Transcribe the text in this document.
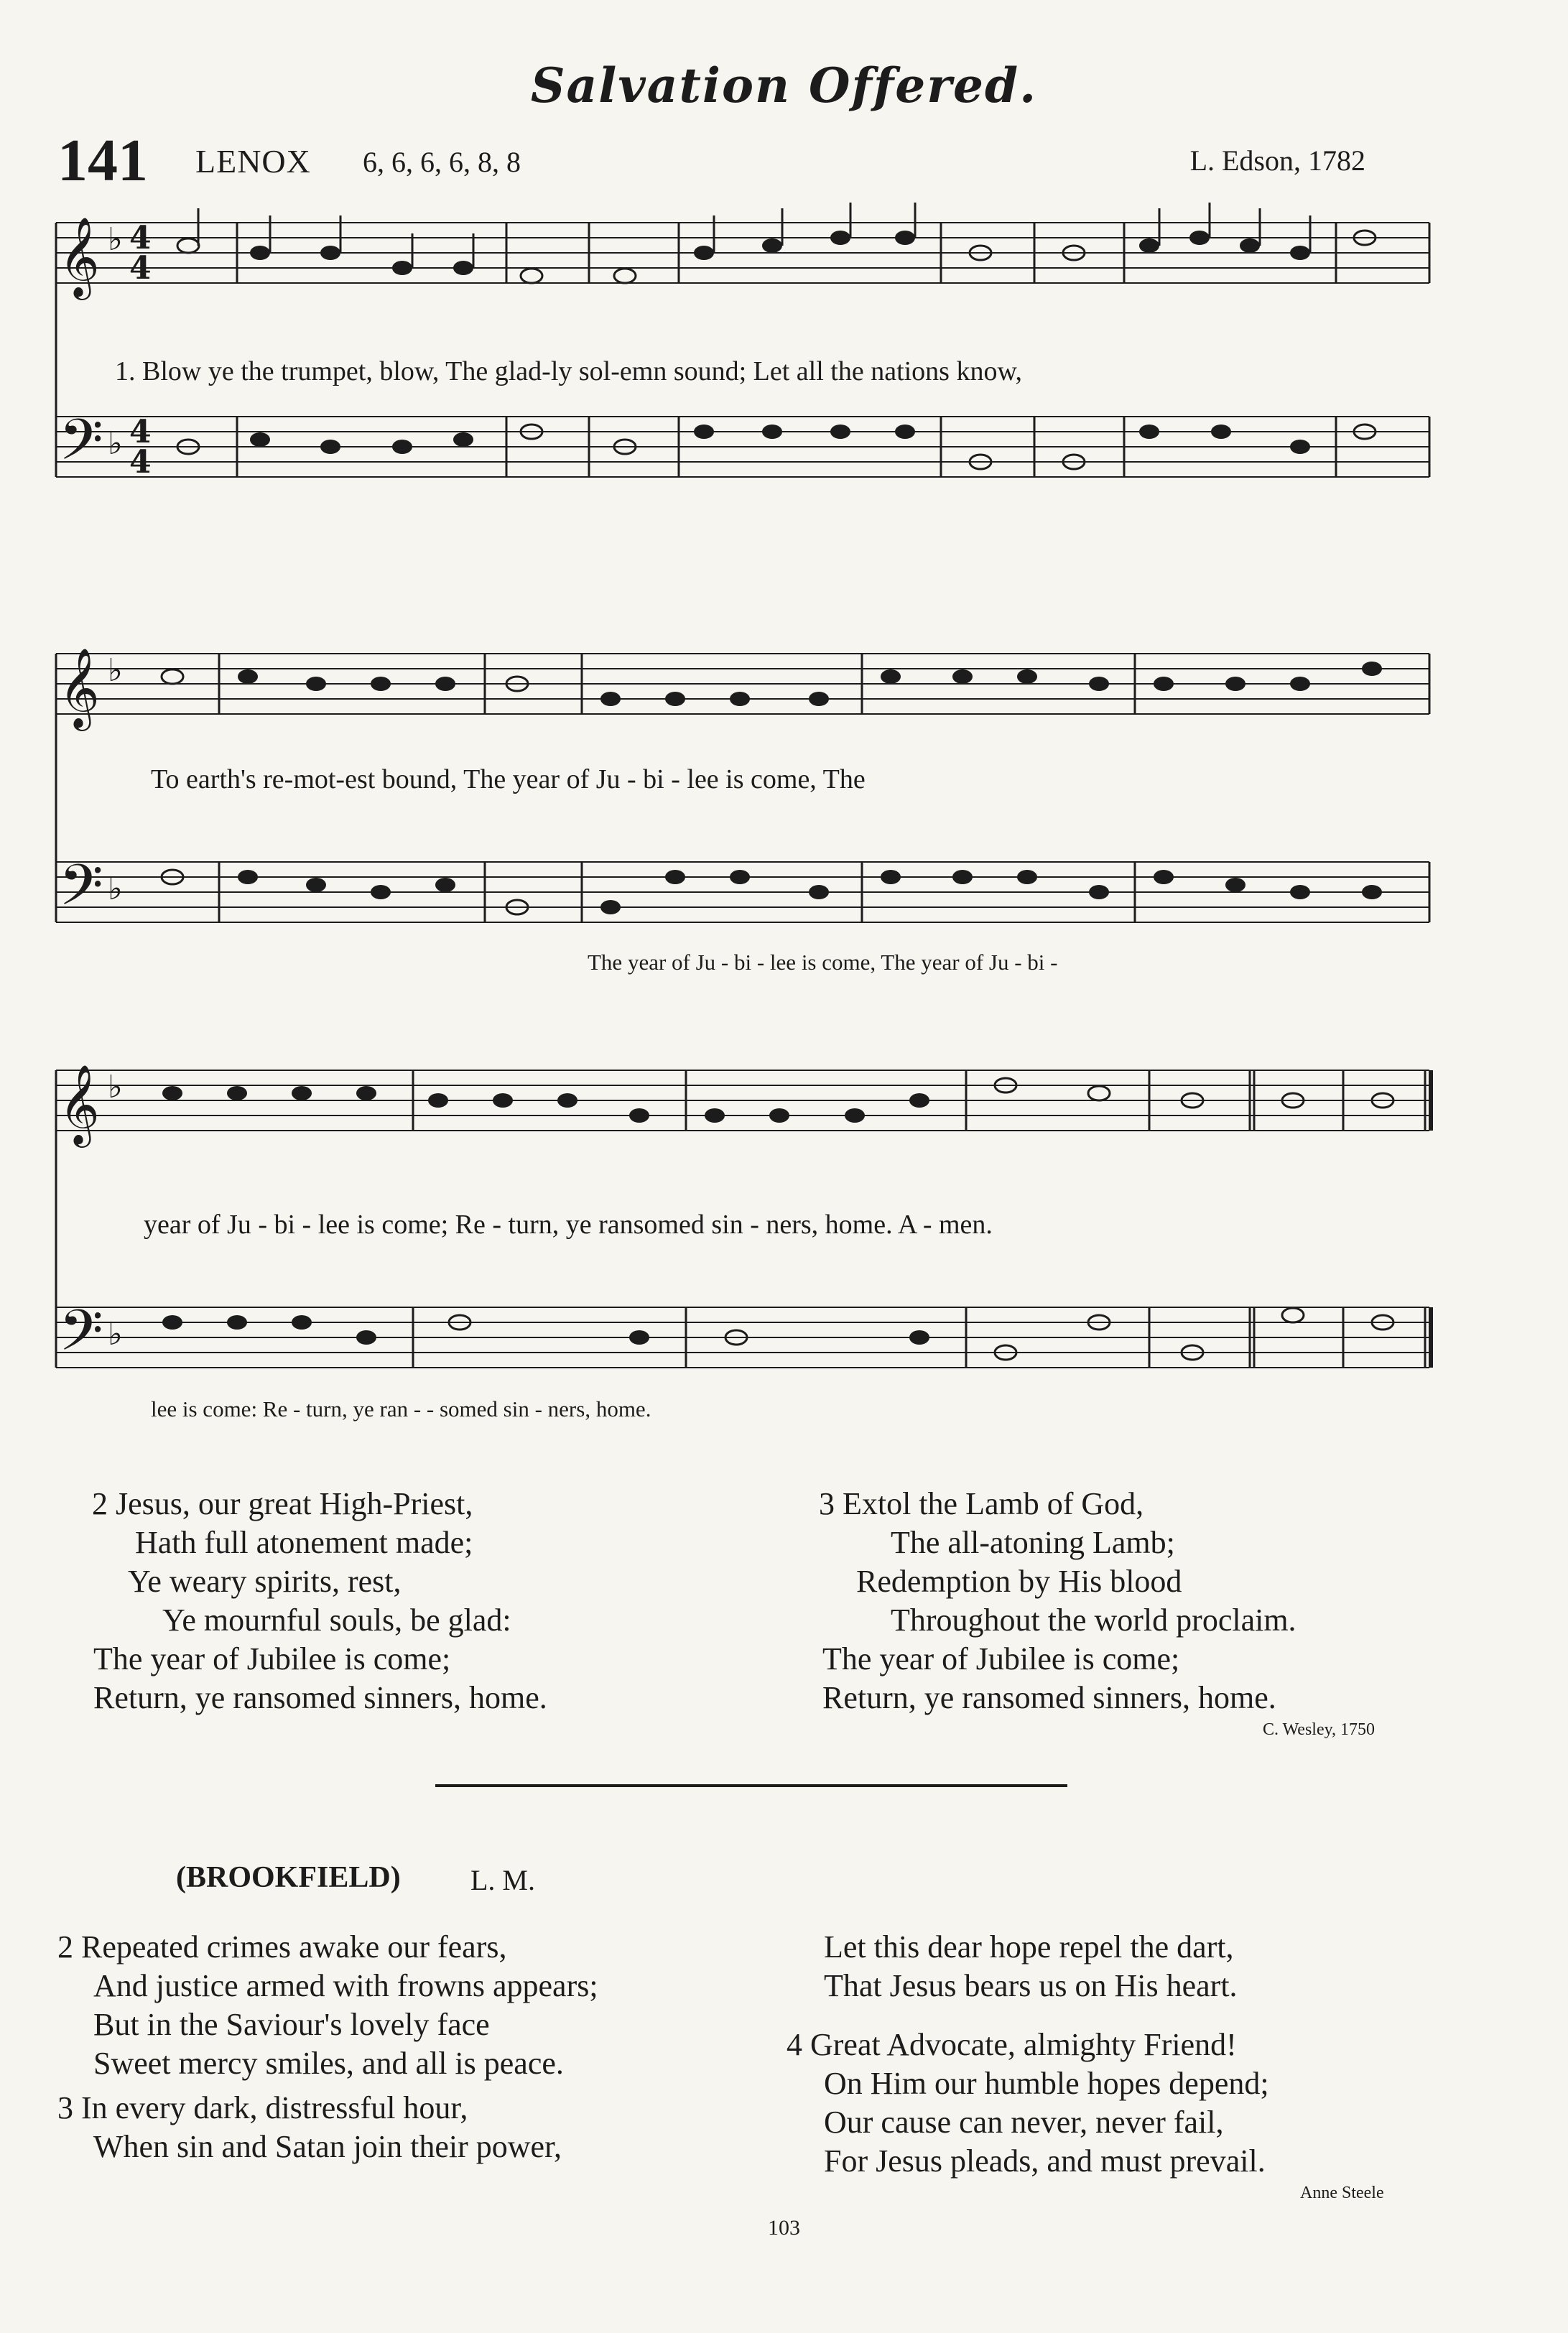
Salvation Offered.
141 LENOX 6, 6, 6, 6, 8, 8	L. Edson, 1782
𝄞
𝄢
♭
♭
4
4
4
4
1. Blow ye the trumpet, blow, The glad-ly sol-emn sound; Let all the nations know,
𝄞
𝄢
♭
♭
To earth's re-mot-est bound, The year of Ju - bi - lee is come, The
The year of Ju - bi - lee is come, The year of Ju - bi -
𝄞
𝄢
♭
♭
year of Ju - bi - lee is come; Re - turn, ye ransomed sin - ners, home. A - men.
lee is come: Re - turn, ye ran - - somed sin - ners, home.
2 Jesus, our great High-Priest,
Hath full atonement made;
Ye weary spirits, rest,
Ye mournful souls, be glad:
The year of Jubilee is come;
Return, ye ransomed sinners, home.
3 Extol the Lamb of God,
The all-atoning Lamb;
Redemption by His blood
Throughout the world proclaim.
The year of Jubilee is come;
Return, ye ransomed sinners, home.
C. Wesley, 1750
(BROOKFIELD) L. M.
2 Repeated crimes awake our fears,
And justice armed with frowns appears;
But in the Saviour's lovely face
Sweet mercy smiles, and all is peace.
3 In every dark, distressful hour,
When sin and Satan join their power,
Let this dear hope repel the dart,
That Jesus bears us on His heart.
4 Great Advocate, almighty Friend!
On Him our humble hopes depend;
Our cause can never, never fail,
For Jesus pleads, and must prevail.
Anne Steele
103
